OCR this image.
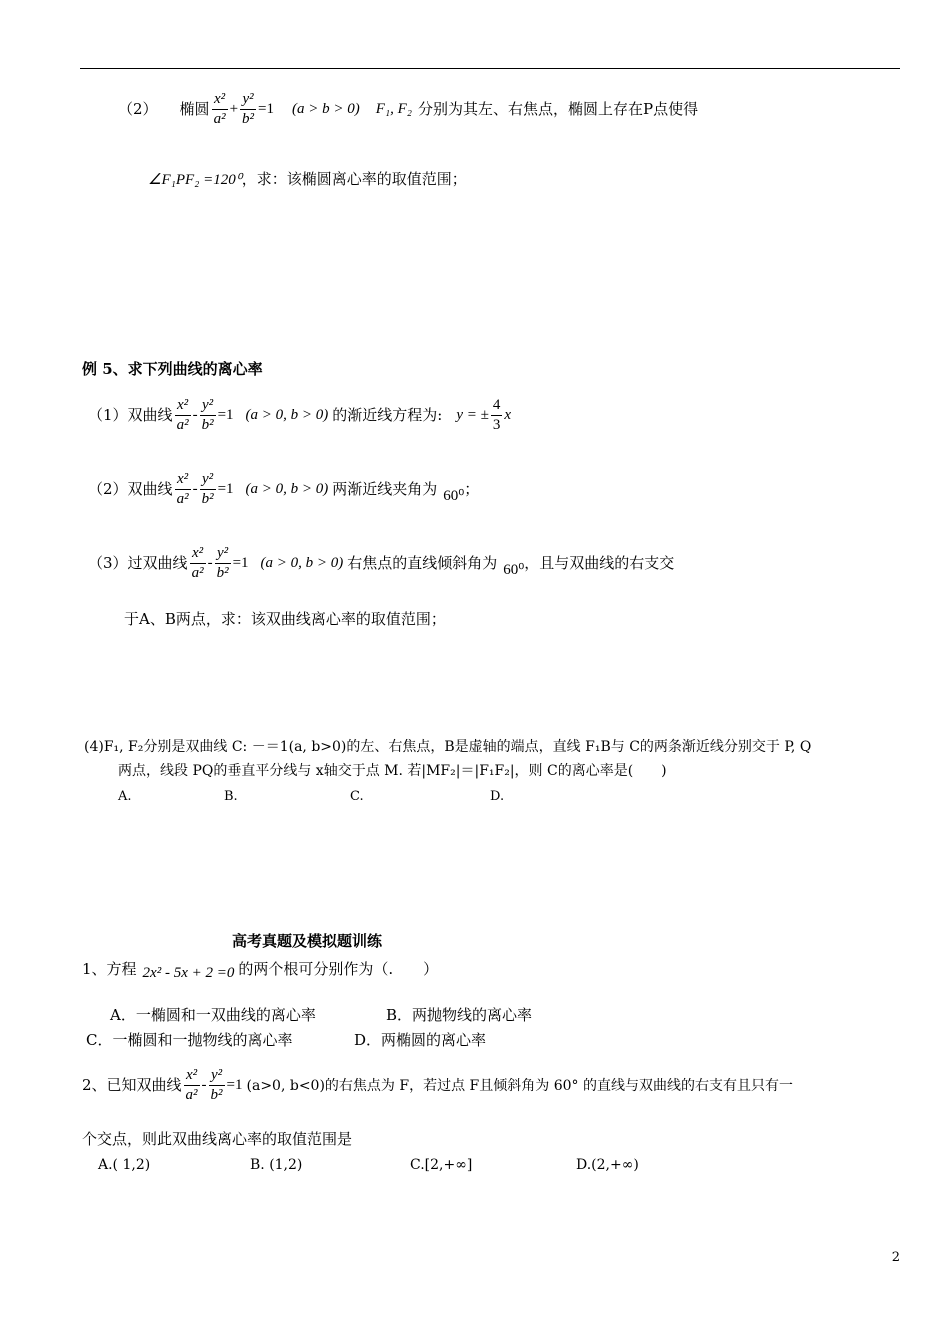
（2） 椭圆 $\frac{\text{x²}}{\text{a²}} + \frac{\text{y²}}{\text{b²}} =1$ (a > b > 0) F₁, F₂ 分别为其左、右焦点，椭圆上存在P点使得
∠F₁PF₂ =120⁰，求：该椭圆离心率的取值范围；
例 5、求下列曲线的离心率
（1） 双曲线 $\frac{\text{x²}}{\text{a²}} - \frac{\text{y²}}{\text{b²}} =1$ (a > 0, b > 0) 的渐近线方程为: y = ± $\frac{4}{3}$ x
（2） 双曲线 $\frac{\text{x²}}{\text{a²}} - \frac{\text{y²}}{\text{b²}} =1$ (a > 0, b > 0) 两渐近线夹角为 60⁰ ；
（3） 过双曲线 $\frac{\text{x²}}{\text{a²}} - \frac{\text{y²}}{\text{b²}} =1$ (a > 0, b > 0) 右焦点的直线倾斜角为 60⁰ ，且与双曲线的右支交
于A、B两点，求：该双曲线离心率的取值范围；
(4)F₁, F₂分别是双曲线 C: －＝1(a, b>0)的左、右焦点，B是虚轴的端点，直线 F₁B与 C的两条渐近线分别交于 P, Q
两点，线段 PQ的垂直平分线与 x轴交于点 M. 若|MF₂|＝|F₁F₂|，则 C的离心率是(　　)
A.	B.	C.	D.
高考真题及模拟题训练
1、方程 2x² - 5x + 2 =0 的两个根可分别作为（.　　）
A．一椭圆和一双曲线的离心率	B．两抛物线的离心率
C．一椭圆和一抛物线的离心率	D．两椭圆的离心率
2、已知双曲线 $\frac{\text{x²}}{\text{a²}} - \frac{\text{y²}}{\text{b²}} =1$ (a>0, b<0)的右焦点为 F，若过点 F且倾斜角为 60° 的直线与双曲线的右支有且只有一
个交点，则此双曲线离心率的取值范围是
A.( 1,2)	B. (1,2)	C.[2,+∞]	D.(2,+∞)
2
